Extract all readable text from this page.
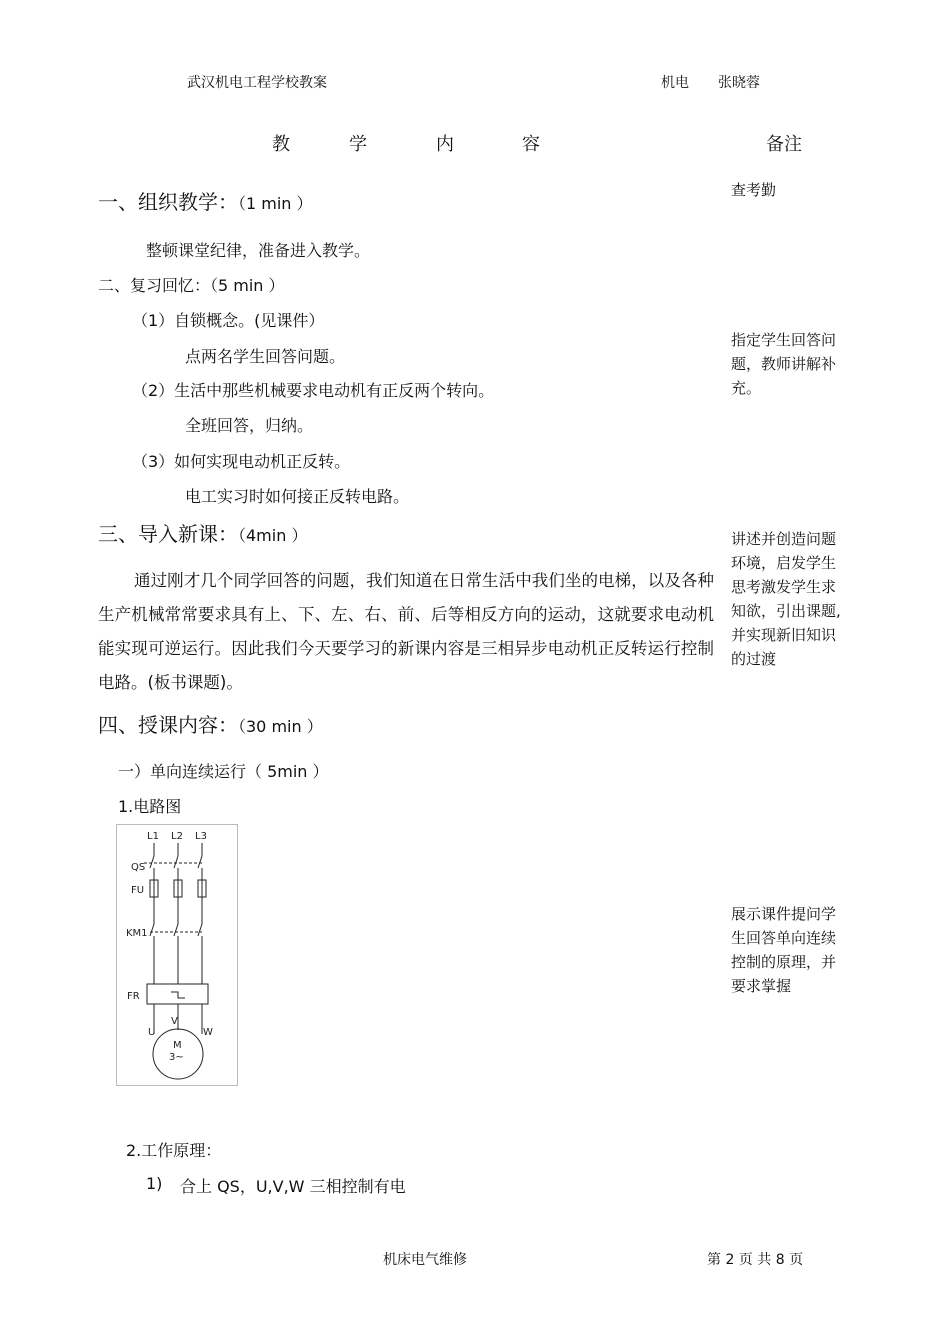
武汉机电工程学校教案	机电 张晓蓉
教	学	内	容	备注
一、组织教学：（1 min ）
整顿课堂纪律，准备进入教学。
二、复习回忆：（5 min ）
（1）自锁概念。(见课件）
点两名学生回答问题。
（2）生活中那些机械要求电动机有正反两个转向。
全班回答，归纳。
（3）如何实现电动机正反转。
电工实习时如何接正反转电路。
三、导入新课：（4min ）
通过刚才几个同学回答的问题，我们知道在日常生活中我们坐的电梯，以及各种生产机械常常要求具有上、下、左、右、前、后等相反方向的运动，这就要求电动机能实现可逆运行。因此我们今天要学习的新课内容是三相异步电动机正反转运行控制电路。(板书课题)。
四、授课内容：（30 min ）
一）单向连续运行（ 5min ）
1.电路图
L1 L2 L3
QS
FU
KM1
FR
U
V
W
M
3~
2.工作原理：
1) 合上 QS，U,V,W 三相控制有电
查考勤
指定学生回答问题，教师讲解补充。
讲述并创造问题环境，启发学生思考激发学生求知欲，引出课题,并实现新旧知识的过渡
展示课件提问学生回答单向连续控制的原理，并要求掌握
机床电气维修	第 2 页 共 8 页
